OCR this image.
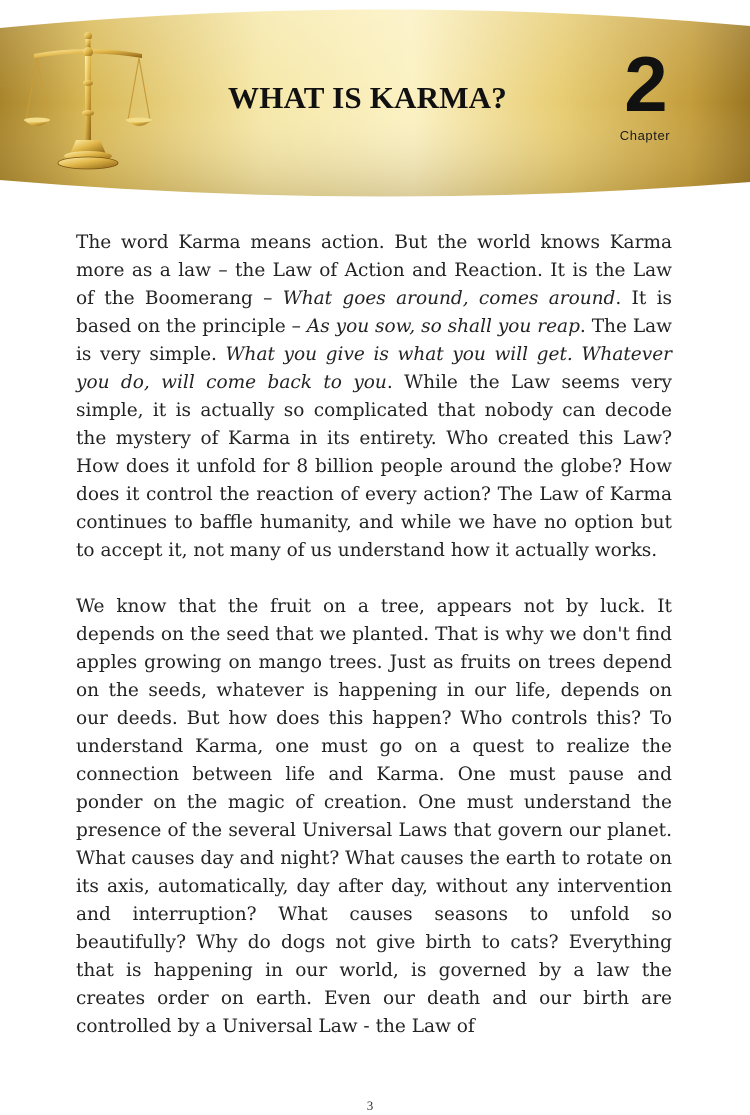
WHAT IS KARMA? 2
Chapter

The word Karma means action. But the world knows Karma more as a law – the Law of Action and Reaction. It is the Law of the Boomerang – What goes around, comes around. It is based on the principle – As you sow, so shall you reap. The Law is very simple. What you give is what you will get. Whatever you do, will come back to you. While the Law seems very simple, it is actually so complicated that nobody can decode the mystery of Karma in its entirety. Who created this Law? How does it unfold for 8 billion people around the globe? How does it control the reaction of every action? The Law of Karma continues to baffle humanity, and while we have no option but to accept it, not many of us understand how it actually works.

We know that the fruit on a tree, appears not by luck. It depends on the seed that we planted. That is why we don't find apples growing on mango trees. Just as fruits on trees depend on the seeds, whatever is happening in our life, depends on our deeds. But how does this happen? Who controls this? To understand Karma, one must go on a quest to realize the connection between life and Karma. One must pause and ponder on the magic of creation. One must understand the presence of the several Universal Laws that govern our planet. What causes day and night? What causes the earth to rotate on its axis, automatically, day after day, without any intervention and interruption? What causes seasons to unfold so beautifully? Why do dogs not give birth to cats? Everything that is happening in our world, is governed by a law the creates order on earth. Even our death and our birth are controlled by a Universal Law - the Law of

3
